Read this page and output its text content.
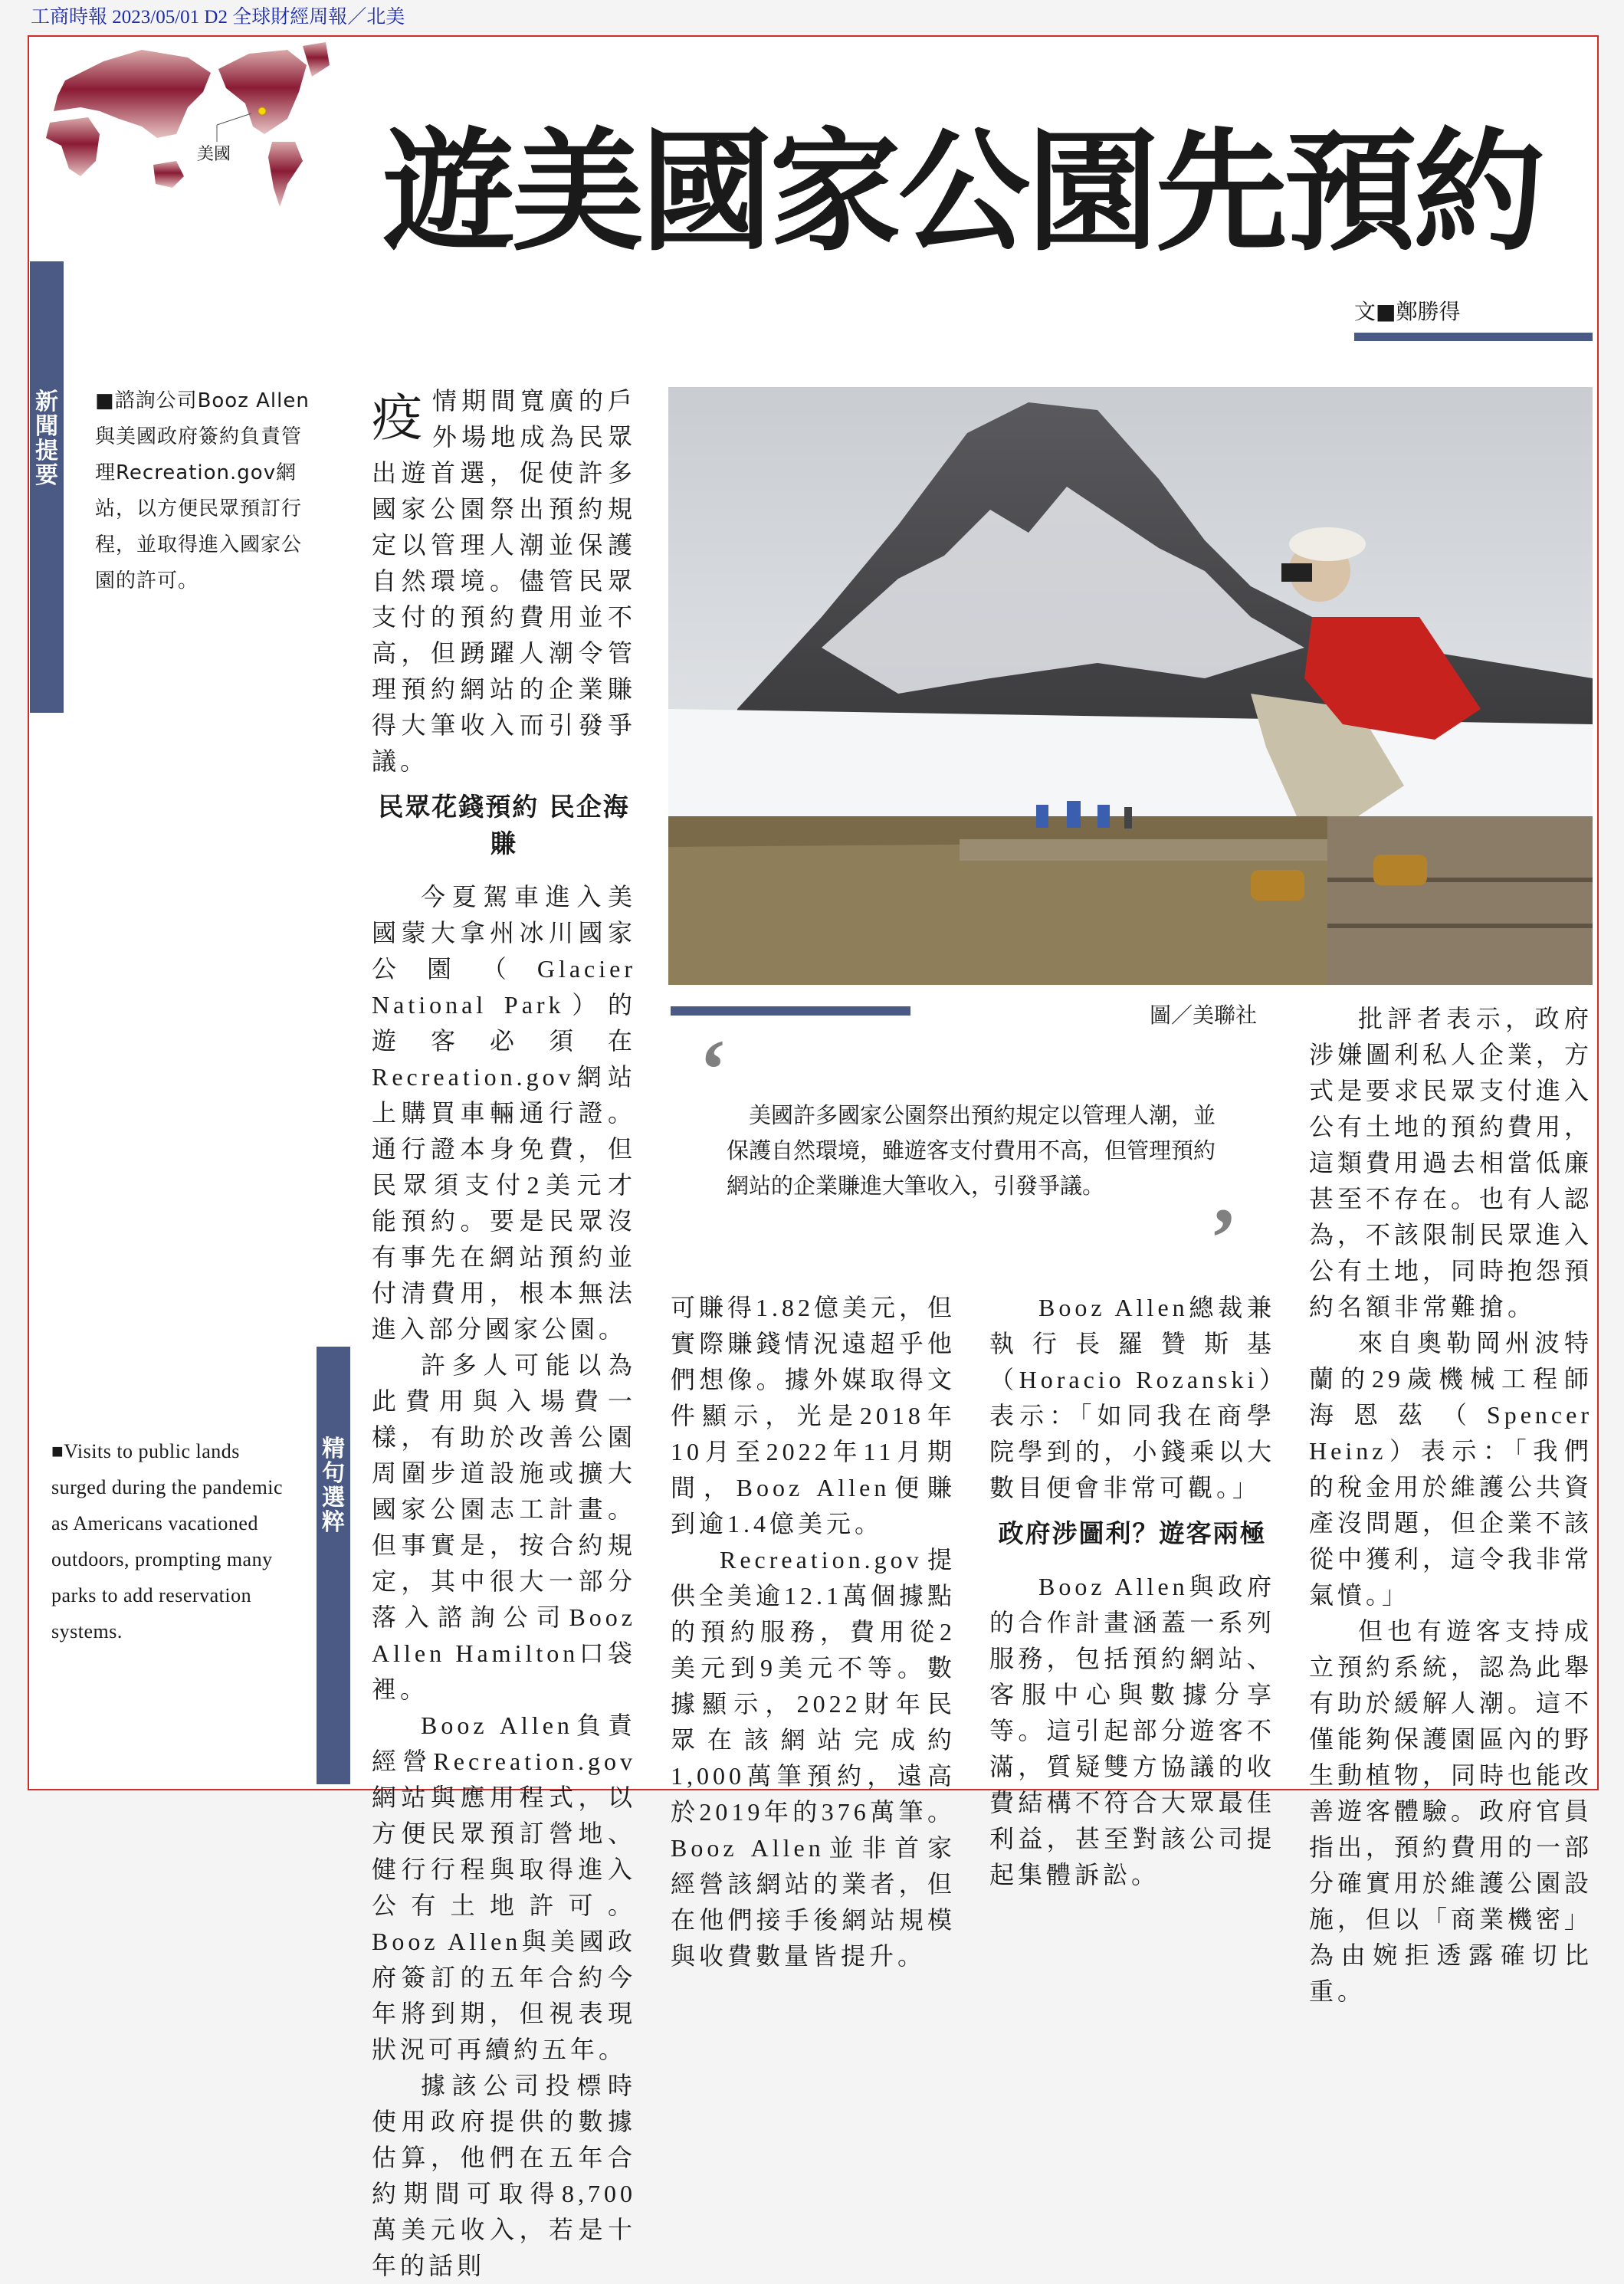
工商時報 2023/05/01 D2 全球財經周報／北美
美國 遊美國家公園先預約
文■鄭勝得
新聞提要
■諮詢公司Booz Allen與美國政府簽約負責管理Recreation.gov網站，以方便民眾預訂行程，並取得進入國家公園的許可。
精句選粹
■Visits to public lands surged during the pandemic as Americans vacationed outdoors, prompting many parks to add reservation systems.

疫情期間寬廣的戶外場地成為民眾出遊首選，促使許多國家公園祭出預約規定以管理人潮並保護自然環境。儘管民眾支付的預約費用並不高，但踴躍人潮令管理預約網站的企業賺得大筆收入而引發爭議。

民眾花錢預約 民企海賺

今夏駕車進入美國蒙大拿州冰川國家公園（Glacier National Park）的遊客必須在Recreation.gov網站上購買車輛通行證。通行證本身免費，但民眾須支付2美元才能預約。要是民眾沒有事先在網站預約並付清費用，根本無法進入部分國家公園。

許多人可能以為此費用與入場費一樣，有助於改善公園周圍步道設施或擴大國家公園志工計畫。但事實是，按合約規定，其中很大一部分落入諮詢公司Booz Allen Hamilton口袋裡。

Booz Allen負責經營Recreation.gov網站與應用程式，以方便民眾預訂營地、健行行程與取得進入公有土地許可。Booz Allen與美國政府簽訂的五年合約今年將到期，但視表現狀況可再續約五年。

據該公司投標時使用政府提供的數據估算，他們在五年合約期間可取得8,700萬美元收入，若是十年的話則

圖／美聯社
‘ 美國許多國家公園祭出預約規定以管理人潮，並保護自然環境，雖遊客支付費用不高，但管理預約網站的企業賺進大筆收入，引發爭議。
’

可賺得1.82億美元，但實際賺錢情況遠超乎他們想像。據外媒取得文件顯示，光是2018年10月至2022年11月期間，Booz Allen便賺到逾1.4億美元。

Recreation.gov提供全美逾12.1萬個據點的預約服務，費用從2美元到9美元不等。數據顯示，2022財年民眾在該網站完成約1,000萬筆預約，遠高於2019年的376萬筆。Booz Allen並非首家經營該網站的業者，但在他們接手後網站規模與收費數量皆提升。

Booz Allen總裁兼執行長羅贊斯基（Horacio Rozanski）表示：「如同我在商學院學到的，小錢乘以大數目便會非常可觀。」

政府涉圖利？遊客兩極

Booz Allen與政府的合作計畫涵蓋一系列服務，包括預約網站、客服中心與數據分享等。這引起部分遊客不滿，質疑雙方協議的收費結構不符合大眾最佳利益，甚至對該公司提起集體訴訟。

批評者表示，政府涉嫌圖利私人企業，方式是要求民眾支付進入公有土地的預約費用，這類費用過去相當低廉甚至不存在。也有人認為，不該限制民眾進入公有土地，同時抱怨預約名額非常難搶。

來自奧勒岡州波特蘭的29歲機械工程師海恩茲（Spencer Heinz）表示：「我們的稅金用於維護公共資產沒問題，但企業不該從中獲利，這令我非常氣憤。」

但也有遊客支持成立預約系統，認為此舉有助於緩解人潮。這不僅能夠保護園區內的野生動植物，同時也能改善遊客體驗。政府官員指出，預約費用的一部分確實用於維護公園設施，但以「商業機密」為由婉拒透露確切比重。
